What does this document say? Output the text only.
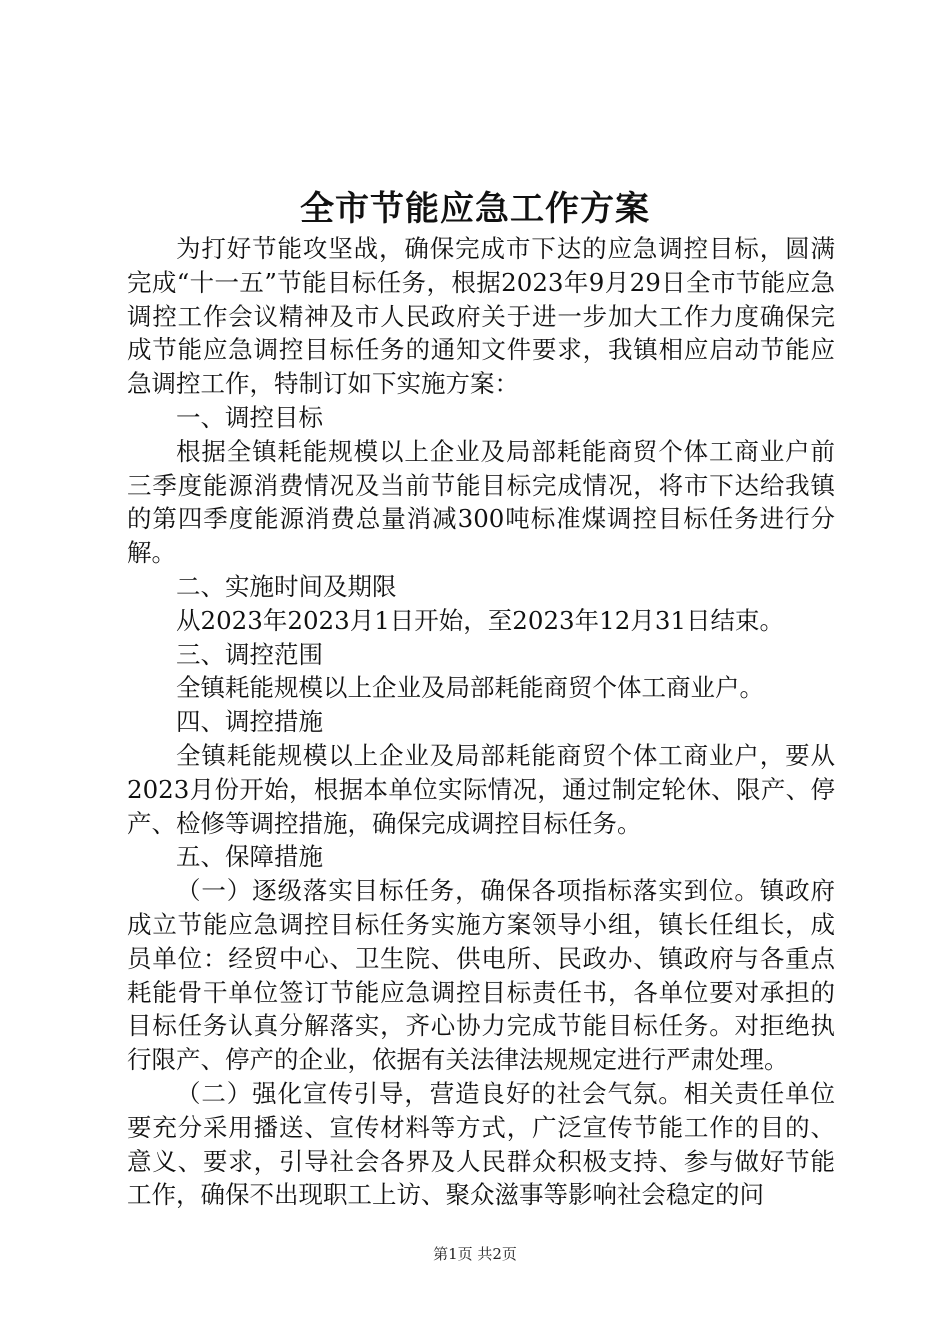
全市节能应急工作方案

为打好节能攻坚战，确保完成市下达的应急调控目标，圆满完成“十一五”节能目标任务，根据2023年9月29日全市节能应急调控工作会议精神及市人民政府关于进一步加大工作力度确保完成节能应急调控目标任务的通知文件要求，我镇相应启动节能应急调控工作，特制订如下实施方案：

一、调控目标

根据全镇耗能规模以上企业及局部耗能商贸个体工商业户前三季度能源消费情况及当前节能目标完成情况，将市下达给我镇的第四季度能源消费总量消减300吨标准煤调控目标任务进行分解。

二、实施时间及期限

从2023年2023月1日开始，至2023年12月31日结束。

三、调控范围

全镇耗能规模以上企业及局部耗能商贸个体工商业户。

四、调控措施

全镇耗能规模以上企业及局部耗能商贸个体工商业户，要从2023月份开始，根据本单位实际情况，通过制定轮休、限产、停产、检修等调控措施，确保完成调控目标任务。

五、保障措施

（一）逐级落实目标任务，确保各项指标落实到位。镇政府成立节能应急调控目标任务实施方案领导小组，镇长任组长，成员单位：经贸中心、卫生院、供电所、民政办、镇政府与各重点耗能骨干单位签订节能应急调控目标责任书，各单位要对承担的目标任务认真分解落实，齐心协力完成节能目标任务。对拒绝执行限产、停产的企业，依据有关法律法规规定进行严肃处理。

（二）强化宣传引导，营造良好的社会气氛。相关责任单位要充分采用播送、宣传材料等方式，广泛宣传节能工作的目的、意义、要求，引导社会各界及人民群众积极支持、参与做好节能工作，确保不出现职工上访、聚众滋事等影响社会稳定的问

第1页 共2页
